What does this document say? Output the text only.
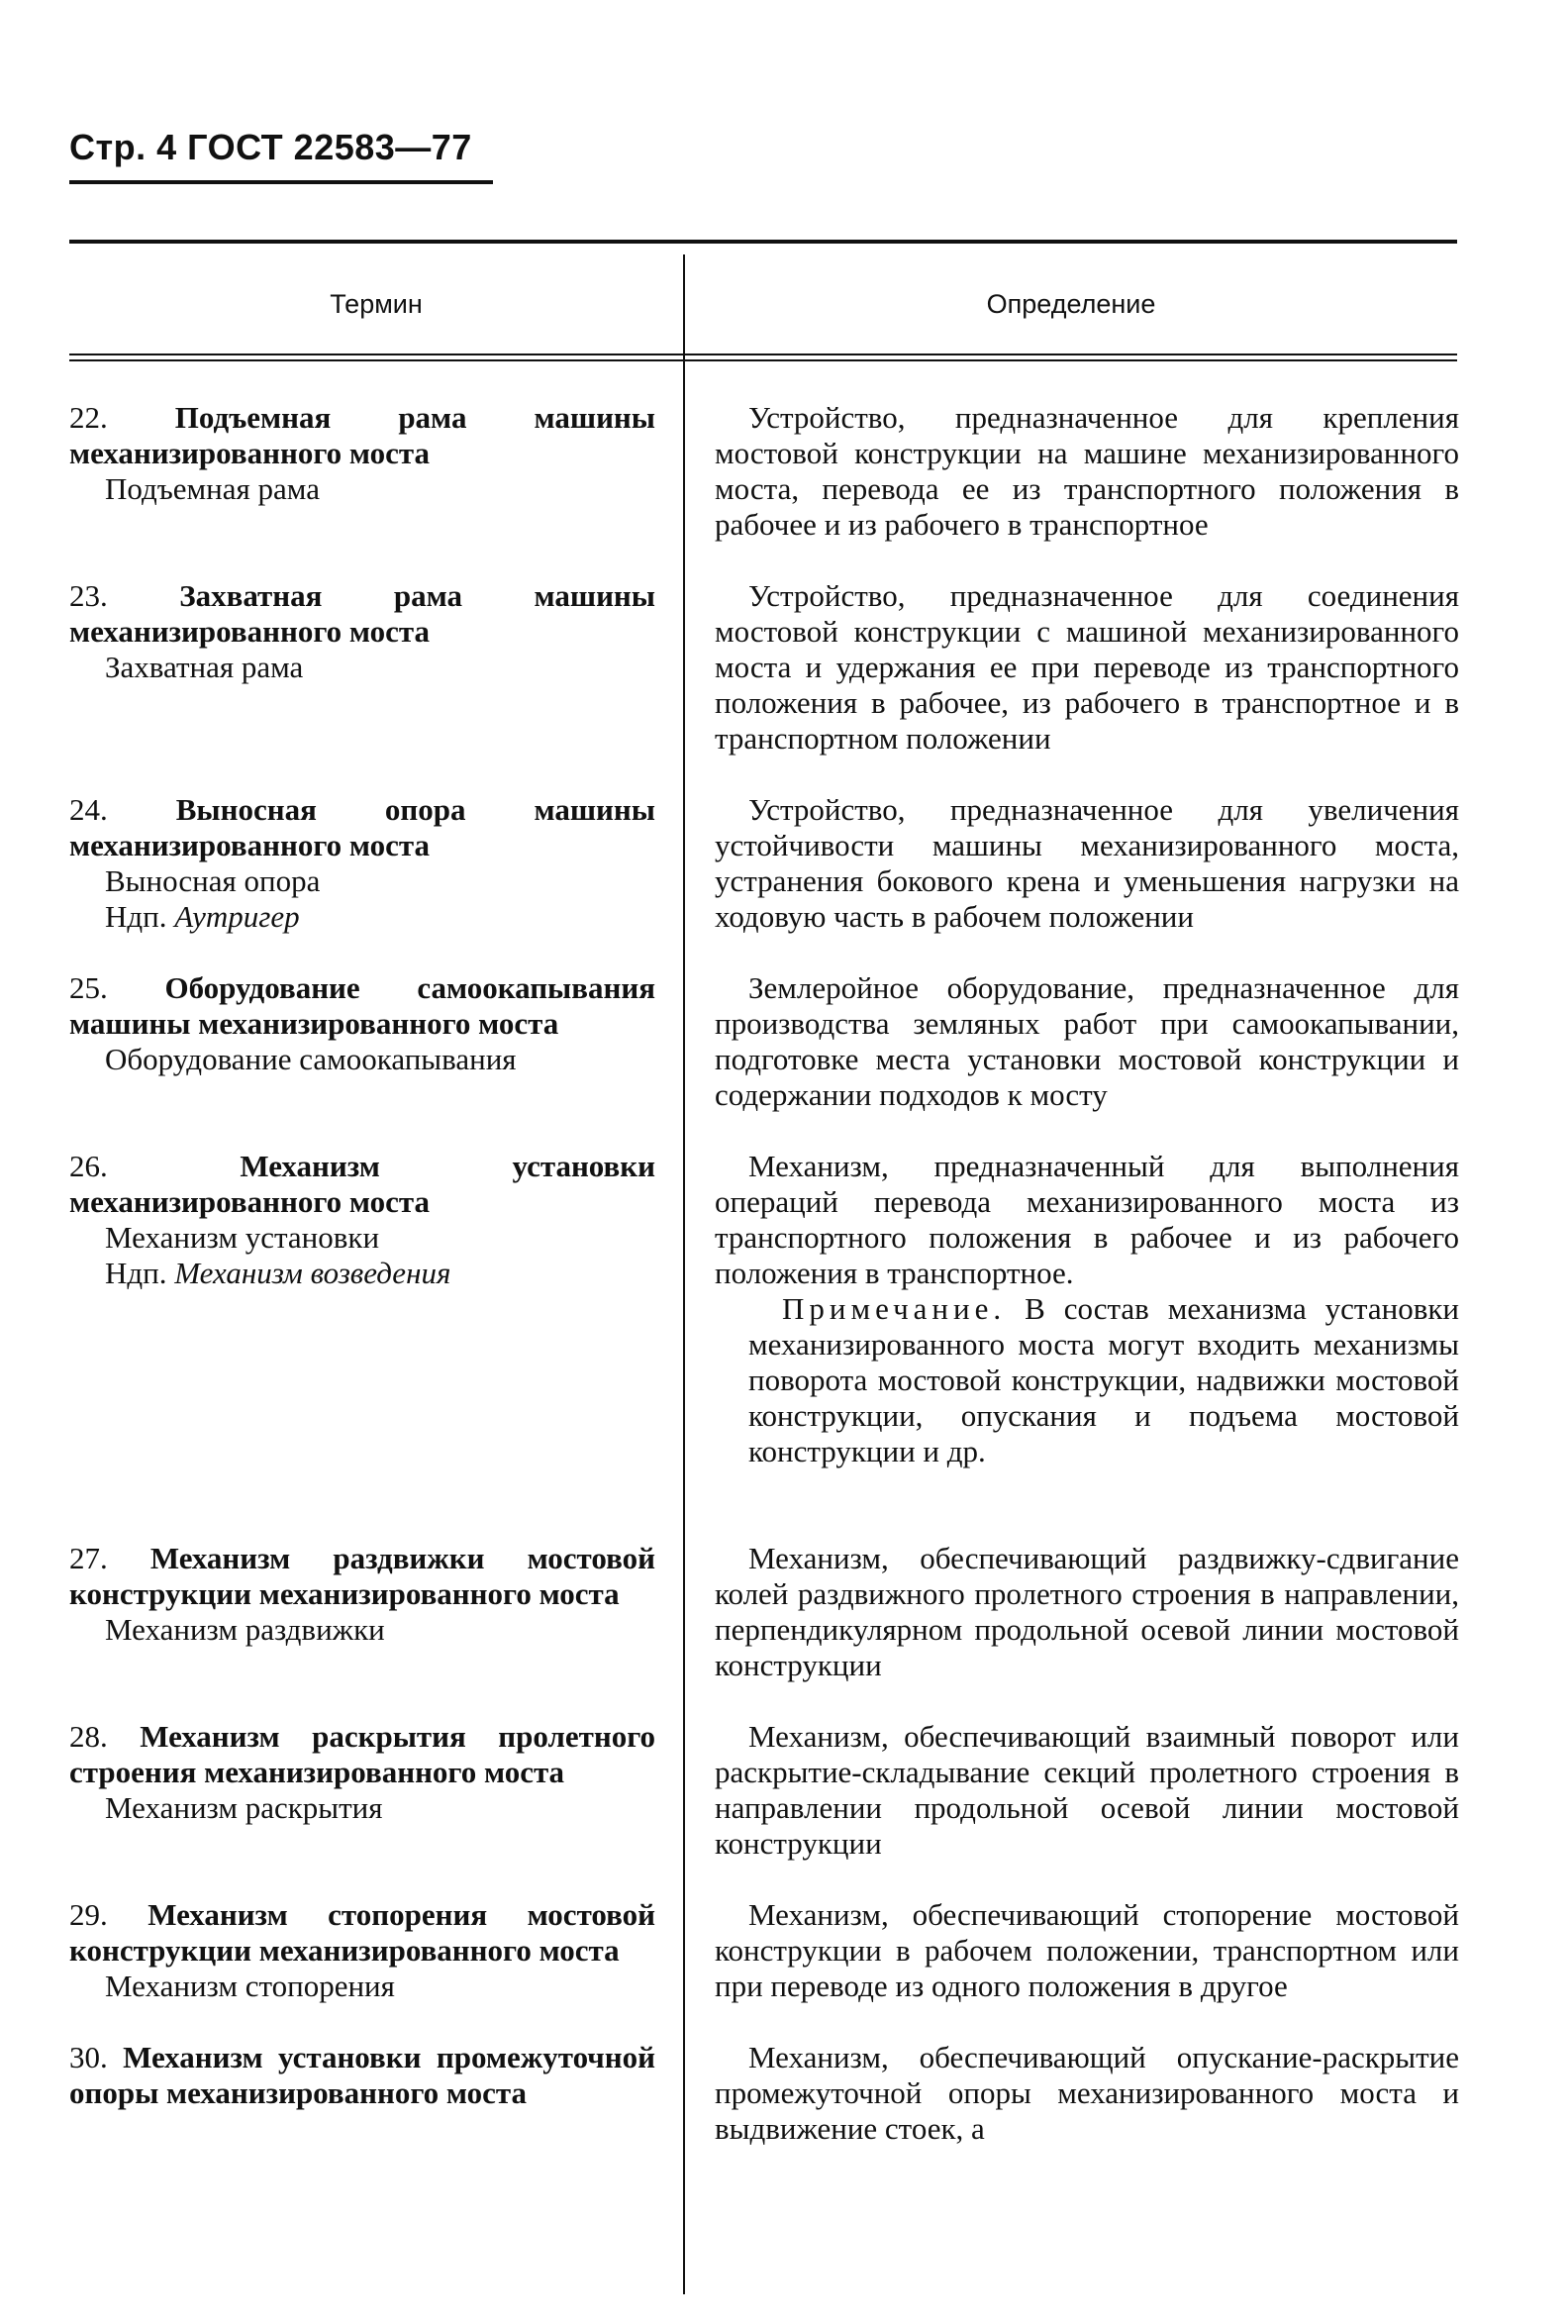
Стр. 4 ГОСТ 22583—77
Термин	Определение
22. Подъемная рама машины механизированного моста
Подъемная рама
Устройство, предназначенное для крепления мостовой конструкции на машине механизированного моста, перевода ее из транспортного положения в рабочее и из рабочего в транспортное
23. Захватная рама машины механизированного моста
Захватная рама
Устройство, предназначенное для соединения мостовой конструкции с машиной механизированного моста и удержания ее при переводе из транспортного положения в рабочее, из рабочего в транспортное и в транспортном положении
24. Выносная опора машины механизированного моста
Выносная опора
Ндп. Аутригер
Устройство, предназначенное для увеличения устойчивости машины механизированного моста, устранения бокового крена и уменьшения нагрузки на ходовую часть в рабочем положении
25. Оборудование самоокапывания машины механизированного моста
Оборудование самоокапывания
Землеройное оборудование, предназначенное для производства земляных работ при самоокапывании, подготовке места установки мостовой конструкции и содержании подходов к мосту
26.	Механизм установки механизированного моста
Механизм установки
Ндп. Механизм возведения
Механизм, предназначенный для выполнения операций перевода механизированного моста из транспортного положения в рабочее и из рабочего положения в транспортное.
Примечание. В состав механизма установки механизированного моста могут входить механизмы поворота мостовой конструкции, надвижки мостовой конструкции, опускания и подъема мостовой конструкции и др.
27. Механизм раздвижки мостовой конструкции механизированного моста
Механизм раздвижки
Механизм, обеспечивающий раздвижку-сдвигание колей раздвижного пролетного строения в направлении, перпендикулярном продольной осевой линии мостовой конструкции
28. Механизм раскрытия пролетного строения механизированного моста
Механизм раскрытия
Механизм, обеспечивающий взаимный поворот или раскрытие-складывание секций пролетного строения в направлении продольной осевой линии мостовой конструкции
29. Механизм стопорения мостовой конструкции механизированного моста
Механизм стопорения
Механизм, обеспечивающий стопорение мостовой конструкции в рабочем положении, транспортном или при переводе из одного положения в другое
30. Механизм установки промежуточной опоры механизированного моста
Механизм, обеспечивающий опускание-раскрытие промежуточной опоры механизированного моста и выдвижение стоек, а
